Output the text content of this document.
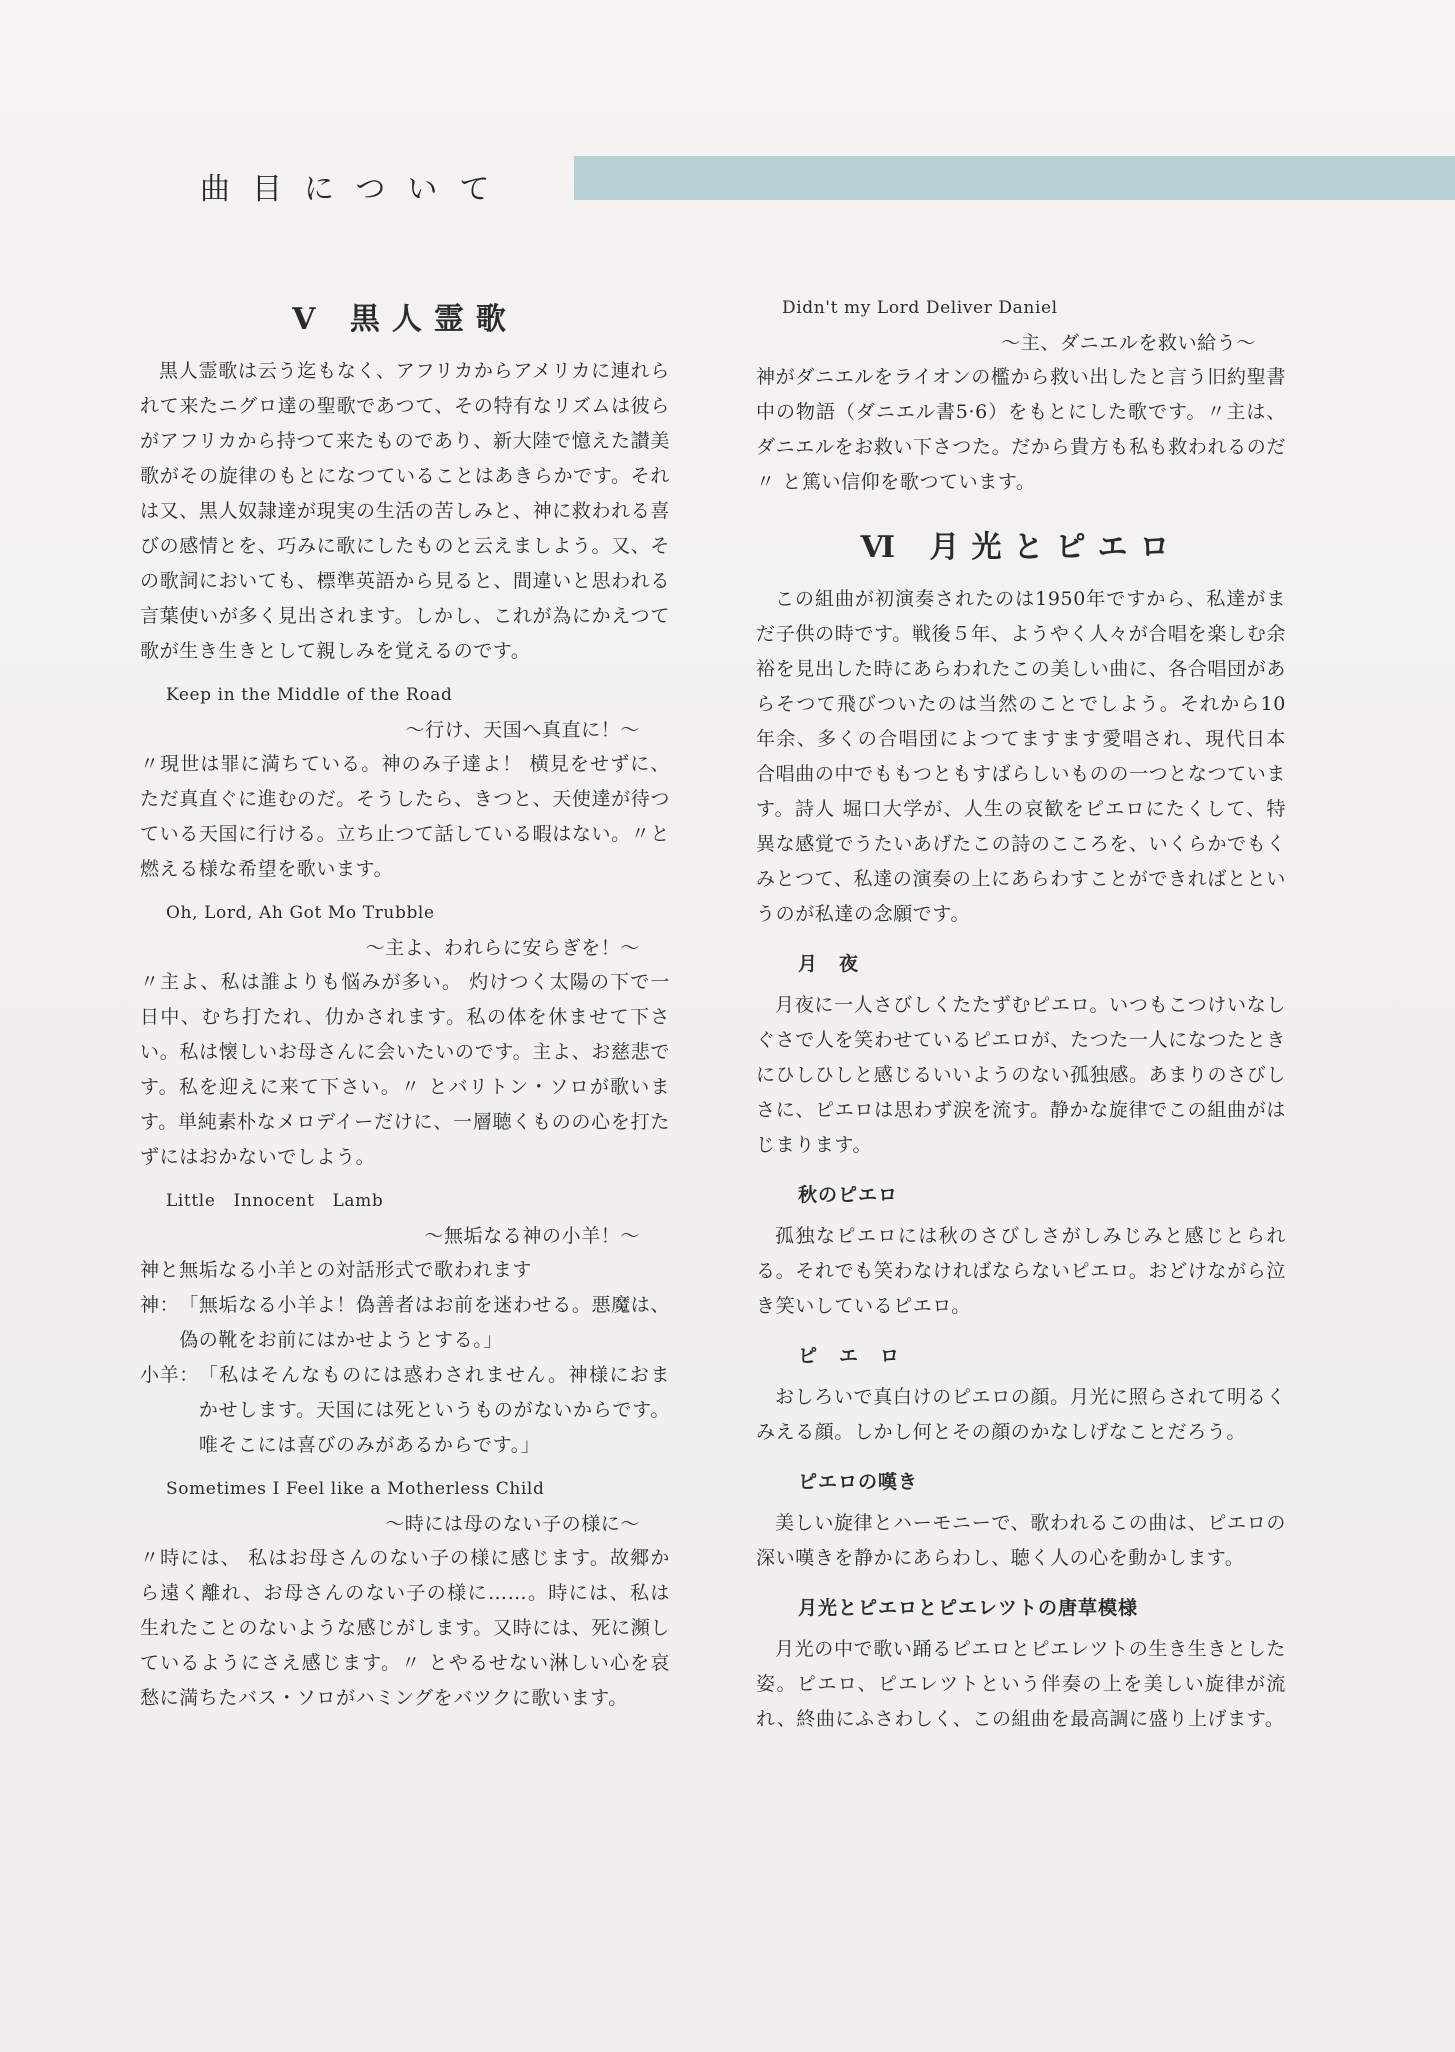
曲目について
Ⅴ 黒人霊歌

黒人霊歌は云う迄もなく、アフリカからアメリカに連れられて来たニグロ達の聖歌であつて、その特有なリズムは彼らがアフリカから持つて来たものであり、新大陸で憶えた讃美歌がその旋律のもとになつていることはあきらかです。それは又、黒人奴隷達が現実の生活の苦しみと、神に救われる喜びの感情とを、巧みに歌にしたものと云えましよう。又、その歌詞においても、標準英語から見ると、間違いと思われる言葉使いが多く見出されます。しかし、これが為にかえつて歌が生き生きとして親しみを覚えるのです。

Keep in the Middle of the Road
〜行け、天国へ真直に！〜

〃現世は罪に満ちている。神のみ子達よ！ 横見をせずに、ただ真直ぐに進むのだ。そうしたら、きつと、天使達が待つている天国に行ける。立ち止つて話している暇はない。〃と燃える様な希望を歌います。

Oh, Lord, Ah Got Mo Trubble
〜主よ、われらに安らぎを！〜

〃主よ、私は誰よりも悩みが多い。 灼けつく太陽の下で一日中、むち打たれ、仂かされます。私の体を休ませて下さい。私は懐しいお母さんに会いたいのです。主よ、お慈悲です。私を迎えに来て下さい。〃 とバリトン・ソロが歌います。単純素朴なメロデイーだけに、一層聴くものの心を打たずにはおかないでしよう。

Little   Innocent   Lamb
〜無垢なる神の小羊！〜

神と無垢なる小羊との対話形式で歌われます

神： 「無垢なる小羊よ！偽善者はお前を迷わせる。悪魔は、偽の靴をお前にはかせようとする。」
小羊： 「私はそんなものには惑わされません。神様におまかせします。天国には死というものがないからです。唯そこには喜びのみがあるからです。」
Sometimes I Feel like a Motherless Child
〜時には母のない子の様に〜

〃時には、 私はお母さんのない子の様に感じます。故郷から遠く離れ、お母さんのない子の様に……。時には、私は生れたことのないような感じがします。又時には、死に瀕しているようにさえ感じます。〃 とやるせない淋しい心を哀愁に満ちたバス・ソロがハミングをバツクに歌います。

Didn't my Lord Deliver Daniel
〜主、ダニエルを救い給う〜

神がダニエルをライオンの檻から救い出したと言う旧約聖書中の物語（ダニエル書5·6）をもとにした歌です。〃主は、ダニエルをお救い下さつた。だから貴方も私も救われるのだ〃 と篤い信仰を歌つています。

Ⅵ 月光とピエロ

この組曲が初演奏されたのは1950年ですから、私達がまだ子供の時です。戦後５年、ようやく人々が合唱を楽しむ余裕を見出した時にあらわれたこの美しい曲に、各合唱団があらそつて飛びついたのは当然のことでしよう。それから10年余、多くの合唱団によつてますます愛唱され、現代日本合唱曲の中でももつともすばらしいものの一つとなつています。詩人 堀口大学が、人生の哀歓をピエロにたくして、特異な感覚でうたいあげたこの詩のこころを、いくらかでもくみとつて、私達の演奏の上にあらわすことができればとというのが私達の念願です。

月夜

月夜に一人さびしくたたずむピエロ。いつもこつけいなしぐさで人を笑わせているピエロが、たつた一人になつたときにひしひしと感じるいいようのない孤独感。あまりのさびしさに、ピエロは思わず涙を流す。静かな旋律でこの組曲がはじまります。

秋のピエロ

孤独なピエロには秋のさびしさがしみじみと感じとられる。それでも笑わなければならないピエロ。おどけながら泣き笑いしているピエロ。

ピエロ

おしろいで真白けのピエロの顔。月光に照らされて明るくみえる顔。しかし何とその顔のかなしげなことだろう。

ピエロの嘆き

美しい旋律とハーモニーで、歌われるこの曲は、ピエロの深い嘆きを静かにあらわし、聴く人の心を動かします。

月光とピエロとピエレツトの唐草模様

月光の中で歌い踊るピエロとピエレツトの生き生きとした姿。ピエロ、ピエレツトという伴奏の上を美しい旋律が流れ、終曲にふさわしく、この組曲を最高調に盛り上げます。
